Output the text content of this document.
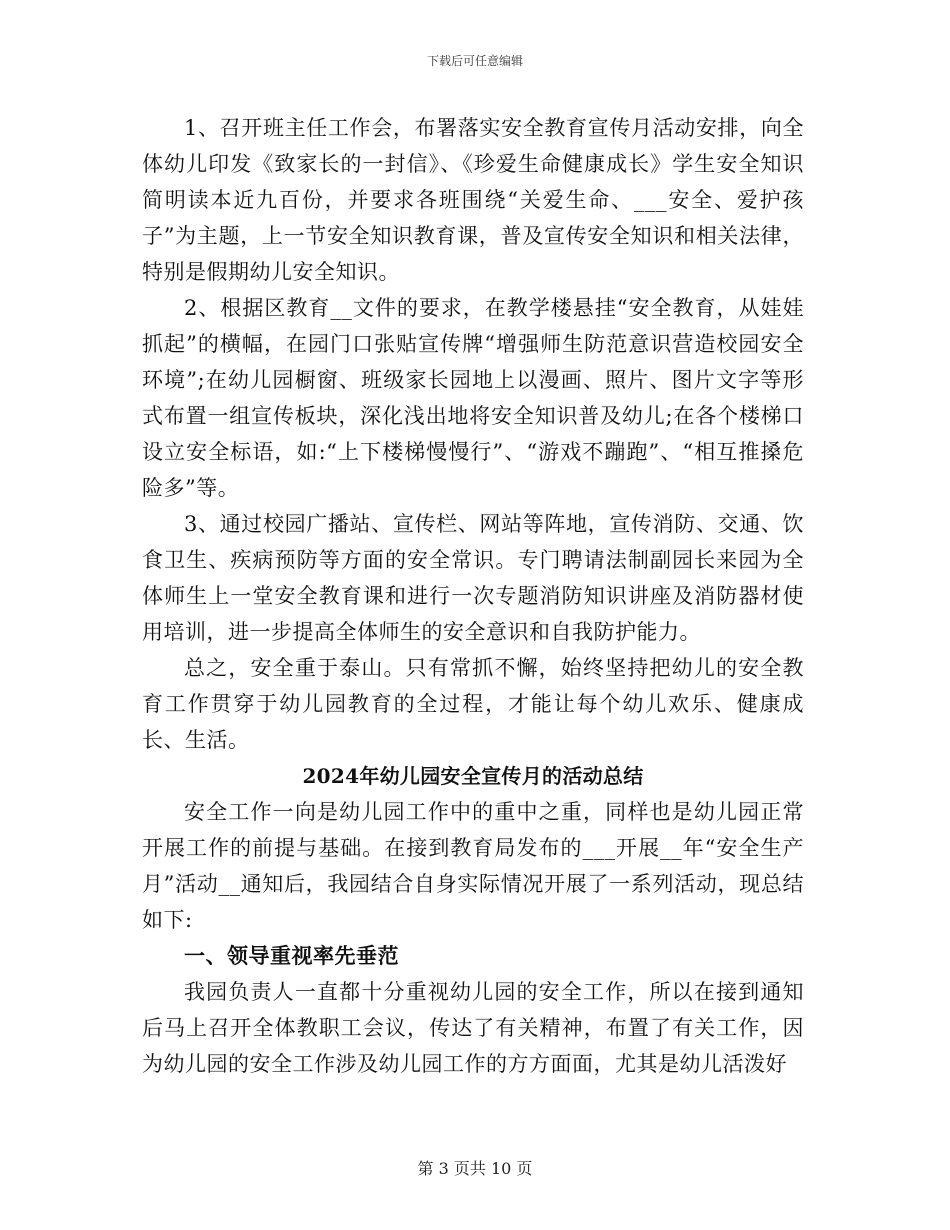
下载后可任意编辑

1、召开班主任工作会，布署落实安全教育宣传月活动安排，向全体幼儿印发《致家长的一封信》、《珍爱生命健康成长》学生安全知识简明读本近九百份，并要求各班围绕“关爱生命、___安全、爱护孩子”为主题，上一节安全知识教育课，普及宣传安全知识和相关法律，特别是假期幼儿安全知识。

2、根据区教育__文件的要求，在教学楼悬挂“安全教育，从娃娃抓起”的横幅，在园门口张贴宣传牌“增强师生防范意识营造校园安全环境”;在幼儿园橱窗、班级家长园地上以漫画、照片、图片文字等形式布置一组宣传板块，深化浅出地将安全知识普及幼儿;在各个楼梯口设立安全标语，如:“上下楼梯慢慢行”、“游戏不蹦跑”、“相互推搡危险多”等。

3、通过校园广播站、宣传栏、网站等阵地，宣传消防、交通、饮食卫生、疾病预防等方面的安全常识。专门聘请法制副园长来园为全体师生上一堂安全教育课和进行一次专题消防知识讲座及消防器材使用培训，进一步提高全体师生的安全意识和自我防护能力。

总之，安全重于泰山。只有常抓不懈，始终坚持把幼儿的安全教育工作贯穿于幼儿园教育的全过程，才能让每个幼儿欢乐、健康成长、生活。

2024年幼儿园安全宣传月的活动总结

安全工作一向是幼儿园工作中的重中之重，同样也是幼儿园正常开展工作的前提与基础。在接到教育局发布的___开展__年“安全生产月”活动__通知后，我园结合自身实际情况开展了一系列活动，现总结如下:

一、领导重视率先垂范

我园负责人一直都十分重视幼儿园的安全工作，所以在接到通知后马上召开全体教职工会议，传达了有关精神，布置了有关工作，因为幼儿园的安全工作涉及幼儿园工作的方方面面，尤其是幼儿活泼好

第 3 页共 10 页
